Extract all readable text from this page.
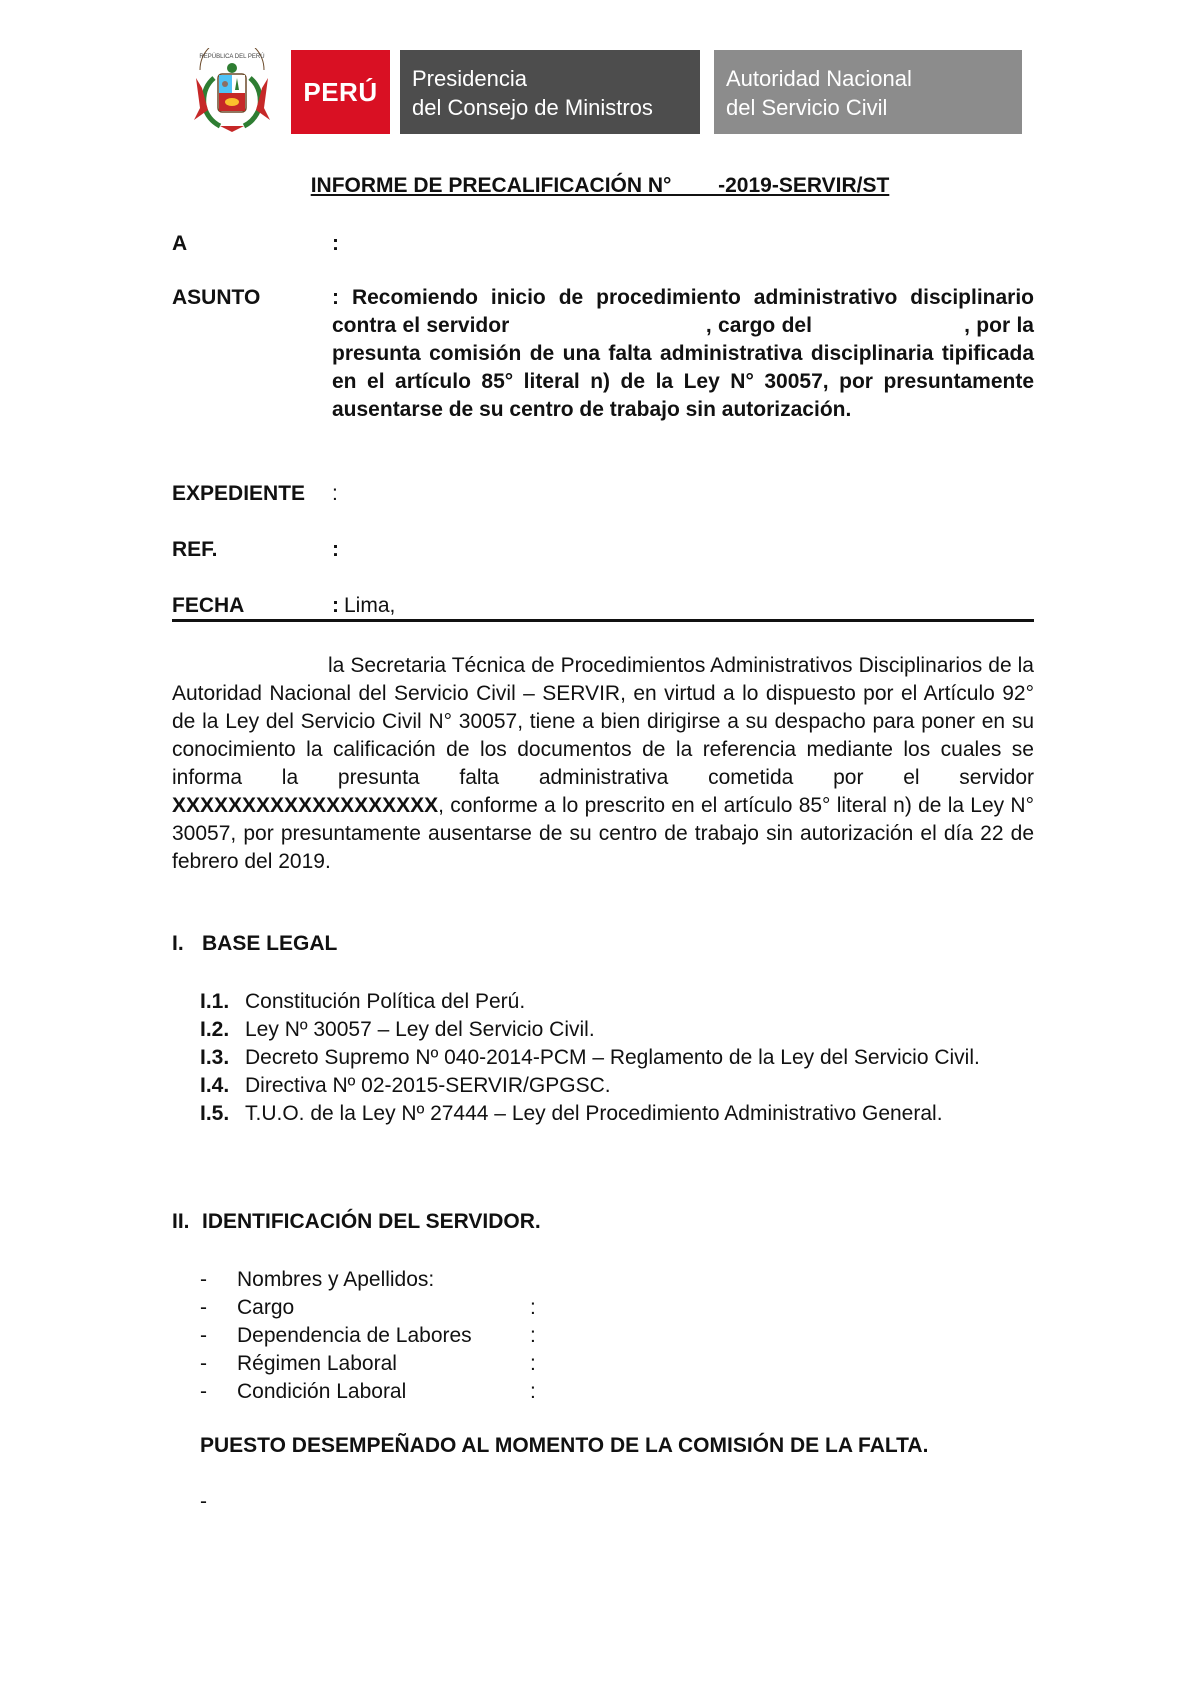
REPÚBLICA DEL PERÚ
PERÚ	Presidencia
del Consejo de Ministros
Autoridad Nacional
del Servicio Civil
INFORME DE PRECALIFICACIÓN N°        -2019-SERVIR/ST
A	:
ASUNTO	: Recomiendo inicio de procedimiento administrativo disciplinario contra el servidor                               , cargo del                        , por la presunta comisión de una falta administrativa disciplinaria tipificada en el artículo 85° literal n) de la Ley N° 30057, por presuntamente ausentarse de su centro de trabajo sin autorización.
EXPEDIENTE :
REF.	:
FECHA	: Lima,
la Secretaria Técnica de Procedimientos Administrativos Disciplinarios de la Autoridad Nacional del Servicio Civil – SERVIR, en virtud a lo dispuesto por el Artículo 92° de la Ley del Servicio Civil N° 30057, tiene a bien dirigirse a su despacho para poner en su conocimiento la calificación de los documentos de la referencia mediante los cuales se informa la presunta falta administrativa cometida por el servidor XXXXXXXXXXXXXXXXXXX, conforme a lo prescrito en el artículo 85° literal n) de la Ley N° 30057, por presuntamente ausentarse de su centro de trabajo sin autorización el día 22 de febrero del 2019.
I. BASE LEGAL
I.1. Constitución Política del Perú.
I.2. Ley Nº 30057 – Ley del Servicio Civil.
I.3. Decreto Supremo Nº 040-2014-PCM – Reglamento de la Ley del Servicio Civil.
I.4. Directiva Nº 02-2015-SERVIR/GPGSC.
I.5. T.U.O. de la Ley Nº 27444 – Ley del Procedimiento Administrativo General.
II. IDENTIFICACIÓN DEL SERVIDOR.
- Nombres y Apellidos:
- Cargo	:
- Dependencia de Labores	:
- Régimen Laboral	:
- Condición Laboral	:
PUESTO DESEMPEÑADO AL MOMENTO DE LA COMISIÓN DE LA FALTA.
-
